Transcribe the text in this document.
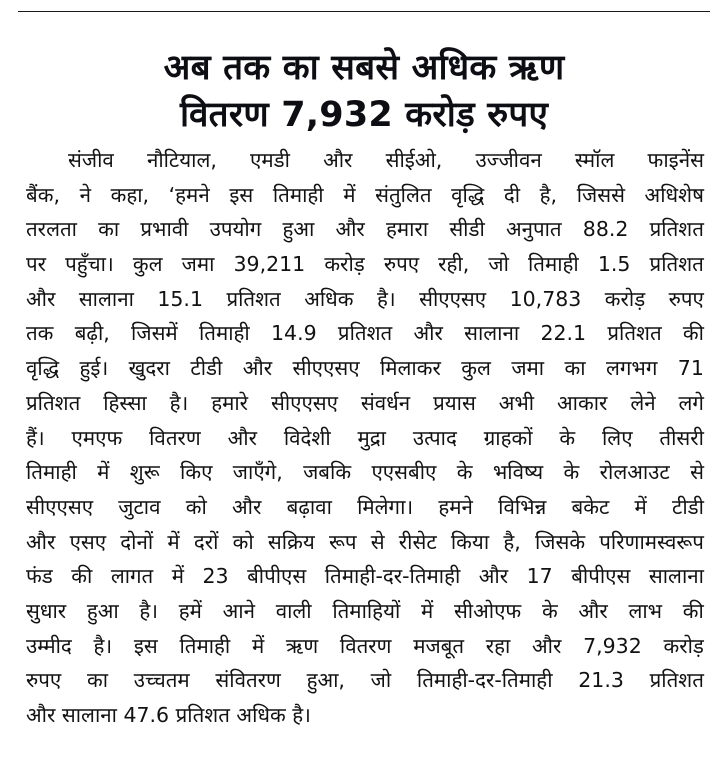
अब तक का सबसे अधिक ऋण
वितरण 7,932 करोड़ रुपए
संजीव नौटियाल, एमडी और सीईओ, उज्जीवन स्मॉल फाइनेंस
बैंक, ने कहा, ‘हमने इस तिमाही में संतुलित वृद्धि दी है, जिससे अधिशेष
तरलता का प्रभावी उपयोग हुआ और हमारा सीडी अनुपात 88.2 प्रतिशत
पर पहुँचा। कुल जमा 39,211 करोड़ रुपए रही, जो तिमाही 1.5 प्रतिशत
और सालाना 15.1 प्रतिशत अधिक है। सीएएसए 10,783 करोड़ रुपए
तक बढ़ी, जिसमें तिमाही 14.9 प्रतिशत और सालाना 22.1 प्रतिशत की
वृद्धि हुई। खुदरा टीडी और सीएएसए मिलाकर कुल जमा का लगभग 71
प्रतिशत हिस्सा है। हमारे सीएएसए संवर्धन प्रयास अभी आकार लेने लगे
हैं। एमएफ वितरण और विदेशी मुद्रा उत्पाद ग्राहकों के लिए तीसरी
तिमाही में शुरू किए जाएँगे, जबकि एएसबीए के भविष्य के रोलआउट से
सीएएसए जुटाव को और बढ़ावा मिलेगा। हमने विभिन्न बकेट में टीडी
और एसए दोनों में दरों को सक्रिय रूप से रीसेट किया है, जिसके परिणामस्वरूप
फंड की लागत में 23 बीपीएस तिमाही-दर-तिमाही और 17 बीपीएस सालाना
सुधार हुआ है। हमें आने वाली तिमाहियों में सीओएफ के और लाभ की
उम्मीद है। इस तिमाही में ऋण वितरण मजबूत रहा और 7,932 करोड़
रुपए का उच्चतम संवितरण हुआ, जो तिमाही-दर-तिमाही 21.3 प्रतिशत
और सालाना 47.6 प्रतिशत अधिक है।
